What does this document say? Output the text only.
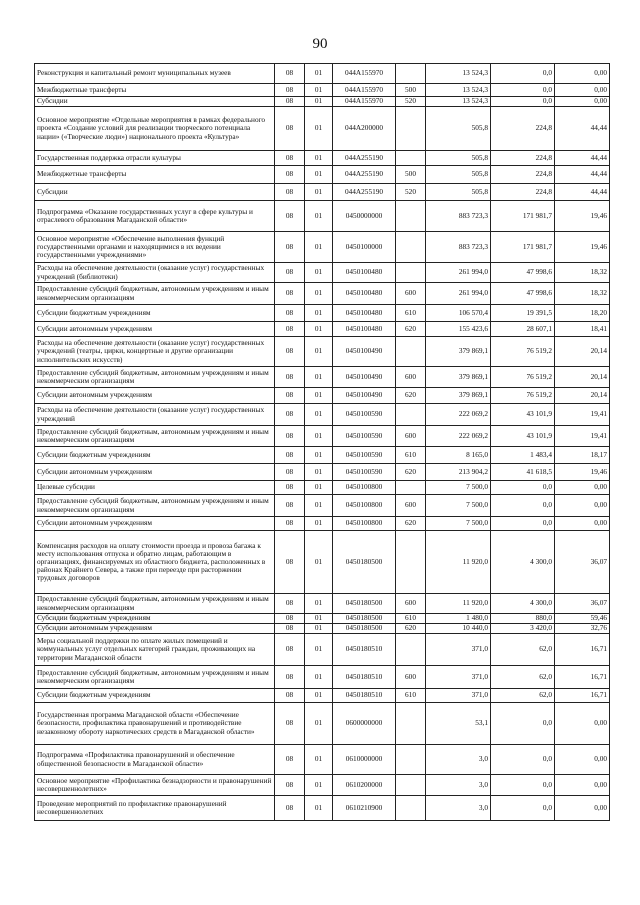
90
Реконструкция и капитальный ремонт муниципальных музеев	08	01	044A155970		13 524,3	0,0	0,00
Межбюджетные трансферты	08	01	044A155970	500	13 524,3	0,0	0,00
Субсидии	08	01	044A155970	520	13 524,3	0,0	0,00
Основное мероприятие «Отдельные мероприятия в рамках федерального проекта «Создание условий для реализации творческого потенциала нации» («Творческие люди») национального проекта «Культура»	08	01	044A200000		505,8	224,8	44,44
Государственная поддержка отрасли культуры	08	01	044A255190		505,8	224,8	44,44
Межбюджетные трансферты	08	01	044A255190	500	505,8	224,8	44,44
Субсидии	08	01	044A255190	520	505,8	224,8	44,44
Подпрограмма «Оказание государственных услуг в сфере культуры и отраслевого образования Магаданской области»	08	01	0450000000		883 723,3	171 981,7	19,46
Основное мероприятие «Обеспечение выполнения функций государственными органами и находящимися в их ведении государственными учреждениями»	08	01	0450100000		883 723,3	171 981,7	19,46
Расходы на обеспечение деятельности (оказание услуг) государственных учреждений (библиотеки)	08	01	0450100480		261 994,0	47 998,6	18,32
Предоставление субсидий бюджетным, автономным учреждениям и иным некоммерческим организациям	08	01	0450100480	600	261 994,0	47 998,6	18,32
Субсидии бюджетным учреждениям	08	01	0450100480	610	106 570,4	19 391,5	18,20
Субсидии автономным учреждениям	08	01	0450100480	620	155 423,6	28 607,1	18,41
Расходы на обеспечение деятельности (оказание услуг) государственных учреждений (театры, цирки, концертные и другие организации исполнительских искусств)	08	01	0450100490		379 869,1	76 519,2	20,14
Предоставление субсидий бюджетным, автономным учреждениям и иным некоммерческим организациям	08	01	0450100490	600	379 869,1	76 519,2	20,14
Субсидии автономным учреждениям	08	01	0450100490	620	379 869,1	76 519,2	20,14
Расходы на обеспечение деятельности (оказание услуг) государственных учреждений	08	01	0450100590		222 069,2	43 101,9	19,41
Предоставление субсидий бюджетным, автономным учреждениям и иным некоммерческим организациям	08	01	0450100590	600	222 069,2	43 101,9	19,41
Субсидии бюджетным учреждениям	08	01	0450100590	610	8 165,0	1 483,4	18,17
Субсидии автономным учреждениям	08	01	0450100590	620	213 904,2	41 618,5	19,46
Целевые субсидии	08	01	0450100800		7 500,0	0,0	0,00
Предоставление субсидий бюджетным, автономным учреждениям и иным некоммерческим организациям	08	01	0450100800	600	7 500,0	0,0	0,00
Субсидии автономным учреждениям	08	01	0450100800	620	7 500,0	0,0	0,00
Компенсация расходов на оплату стоимости проезда и провоза багажа к месту использования отпуска и обратно лицам, работающим в организациях, финансируемых из областного бюджета, расположенных в районах Крайнего Севера, а также при переезде при расторжении трудовых договоров	08	01	0450180500		11 920,0	4 300,0	36,07
Предоставление субсидий бюджетным, автономным учреждениям и иным некоммерческим организациям	08	01	0450180500	600	11 920,0	4 300,0	36,07
Субсидии бюджетным учреждениям	08	01	0450180500	610	1 480,0	880,0	59,46
Субсидии автономным учреждениям	08	01	0450180500	620	10 440,0	3 420,0	32,76
Меры социальной поддержки по оплате жилых помещений и коммунальных услуг отдельных категорий граждан, проживающих на территории Магаданской области	08	01	0450180510		371,0	62,0	16,71
Предоставление субсидий бюджетным, автономным учреждениям и иным некоммерческим организациям	08	01	0450180510	600	371,0	62,0	16,71
Субсидии бюджетным учреждениям	08	01	0450180510	610	371,0	62,0	16,71
Государственная программа Магаданской области «Обеспечение безопасности, профилактика правонарушений и противодействие незаконному обороту наркотических средств в Магаданской области»	08	01	0600000000		53,1	0,0	0,00
Подпрограмма «Профилактика правонарушений и обеспечение общественной безопасности в Магаданской области»	08	01	0610000000		3,0	0,0	0,00
Основное мероприятие «Профилактика безнадзорности и правонарушений несовершеннолетних»	08	01	0610200000		3,0	0,0	0,00
Проведение мероприятий по профилактике правонарушений несовершеннолетних	08	01	0610210900		3,0	0,0	0,00
